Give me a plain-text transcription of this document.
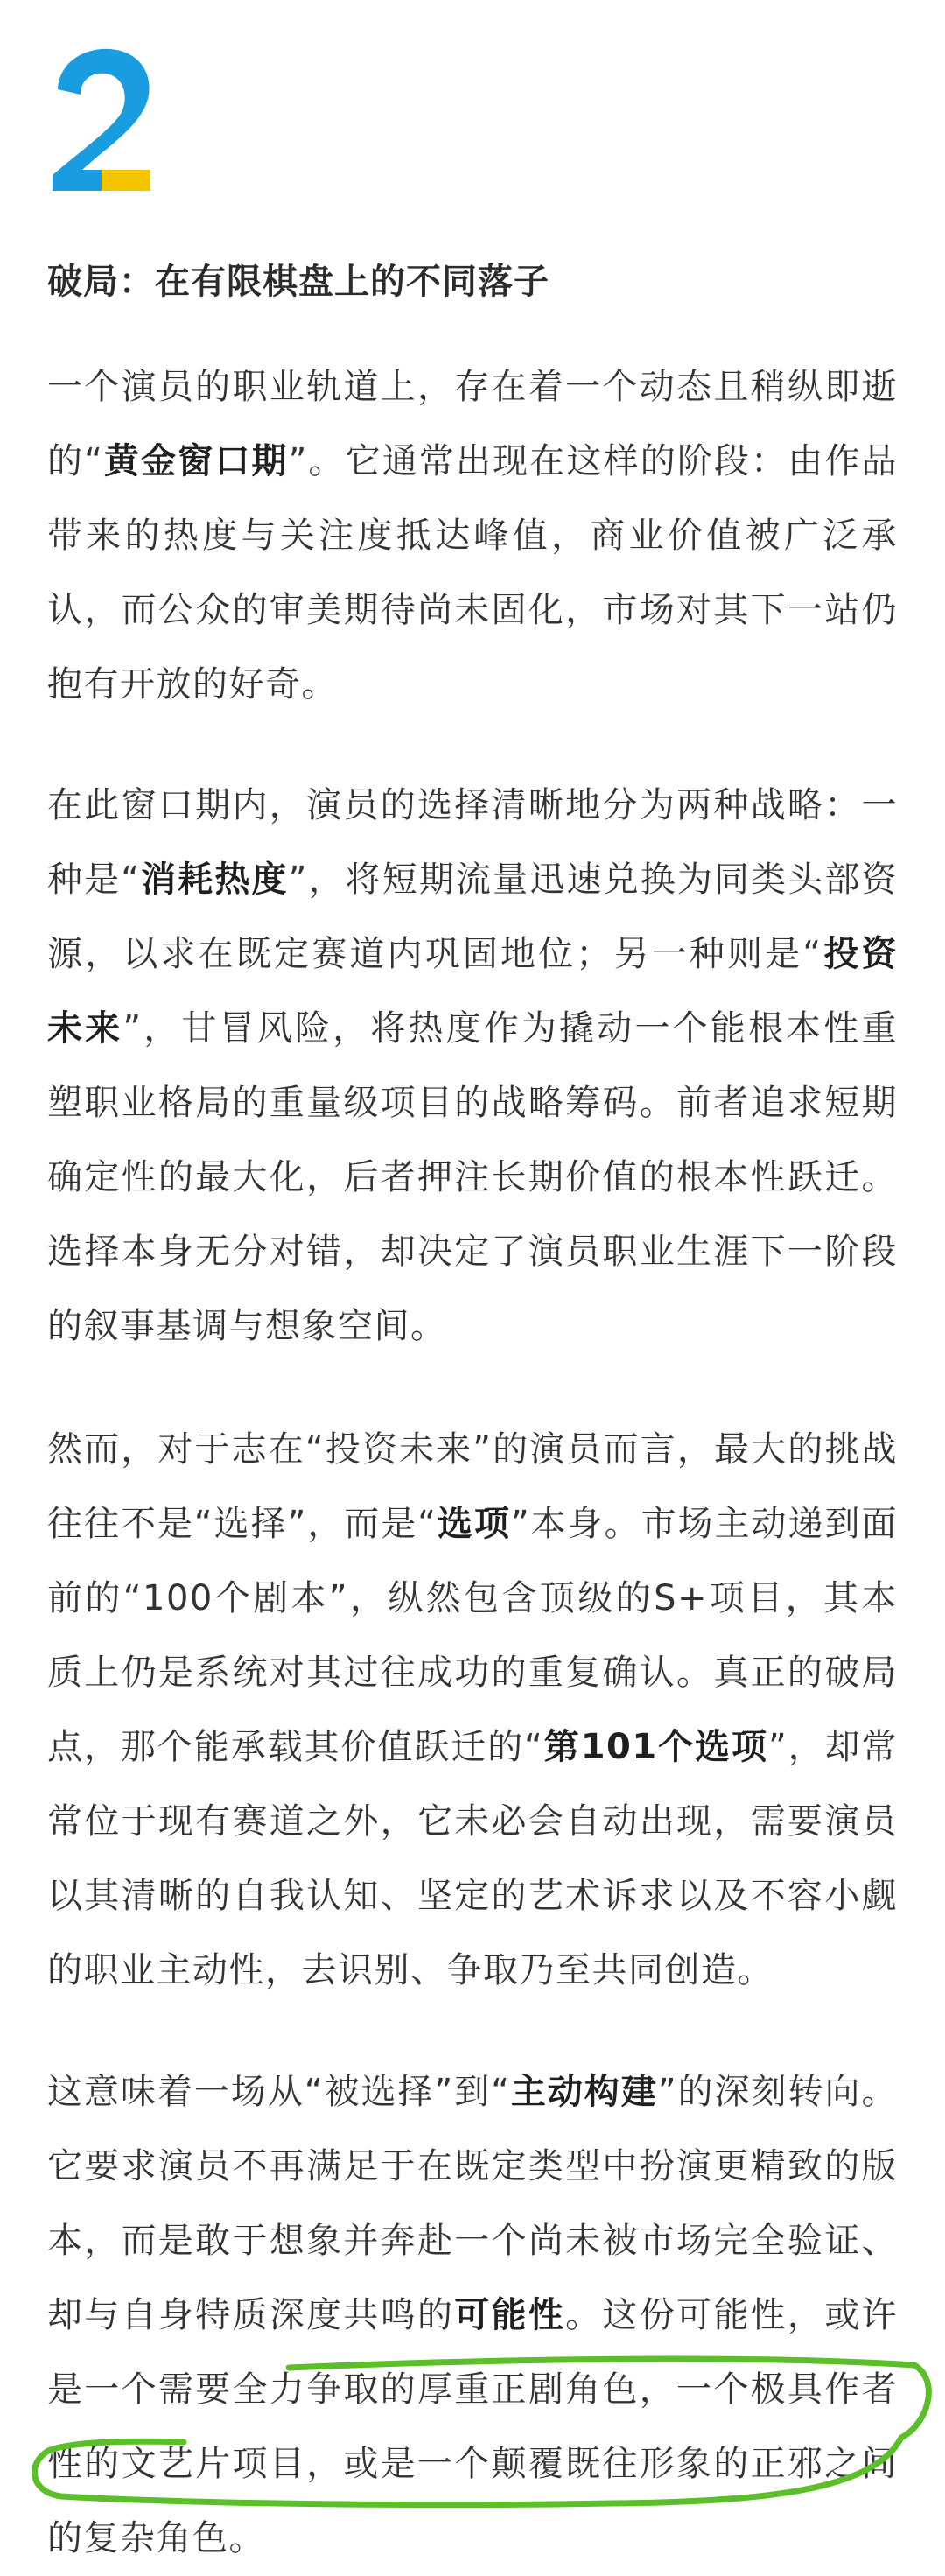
破局：在有限棋盘上的不同落子

一个演员的职业轨道上，存在着一个动态且稍纵即逝的“黄金窗口期”。它通常出现在这样的阶段：由作品带来的热度与关注度抵达峰值，商业价值被广泛承认，而公众的审美期待尚未固化，市场对其下一站仍抱有开放的好奇。

在此窗口期内，演员的选择清晰地分为两种战略：一种是“消耗热度”，将短期流量迅速兑换为同类头部资源，以求在既定赛道内巩固地位；另一种则是“投资未来”，甘冒风险，将热度作为撬动一个能根本性重塑职业格局的重量级项目的战略筹码。前者追求短期确定性的最大化，后者押注长期价值的根本性跃迁。选择本身无分对错，却决定了演员职业生涯下一阶段的叙事基调与想象空间。

然而，对于志在“投资未来”的演员而言，最大的挑战往往不是“选择”，而是“选项”本身。市场主动递到面前的“100个剧本”，纵然包含顶级的S+项目，其本质上仍是系统对其过往成功的重复确认。真正的破局点，那个能承载其价值跃迁的“第101个选项”，却常常位于现有赛道之外，它未必会自动出现，需要演员以其清晰的自我认知、坚定的艺术诉求以及不容小觑的职业主动性，去识别、争取乃至共同创造。

这意味着一场从“被选择”到“主动构建”的深刻转向。它要求演员不再满足于在既定类型中扮演更精致的版本，而是敢于想象并奔赴一个尚未被市场完全验证、却与自身特质深度共鸣的可能性。这份可能性，或许是一个需要全力争取的厚重正剧角色，一个极具作者性的文艺片项目，或是一个颠覆既往形象的正邪之间的复杂角色。
